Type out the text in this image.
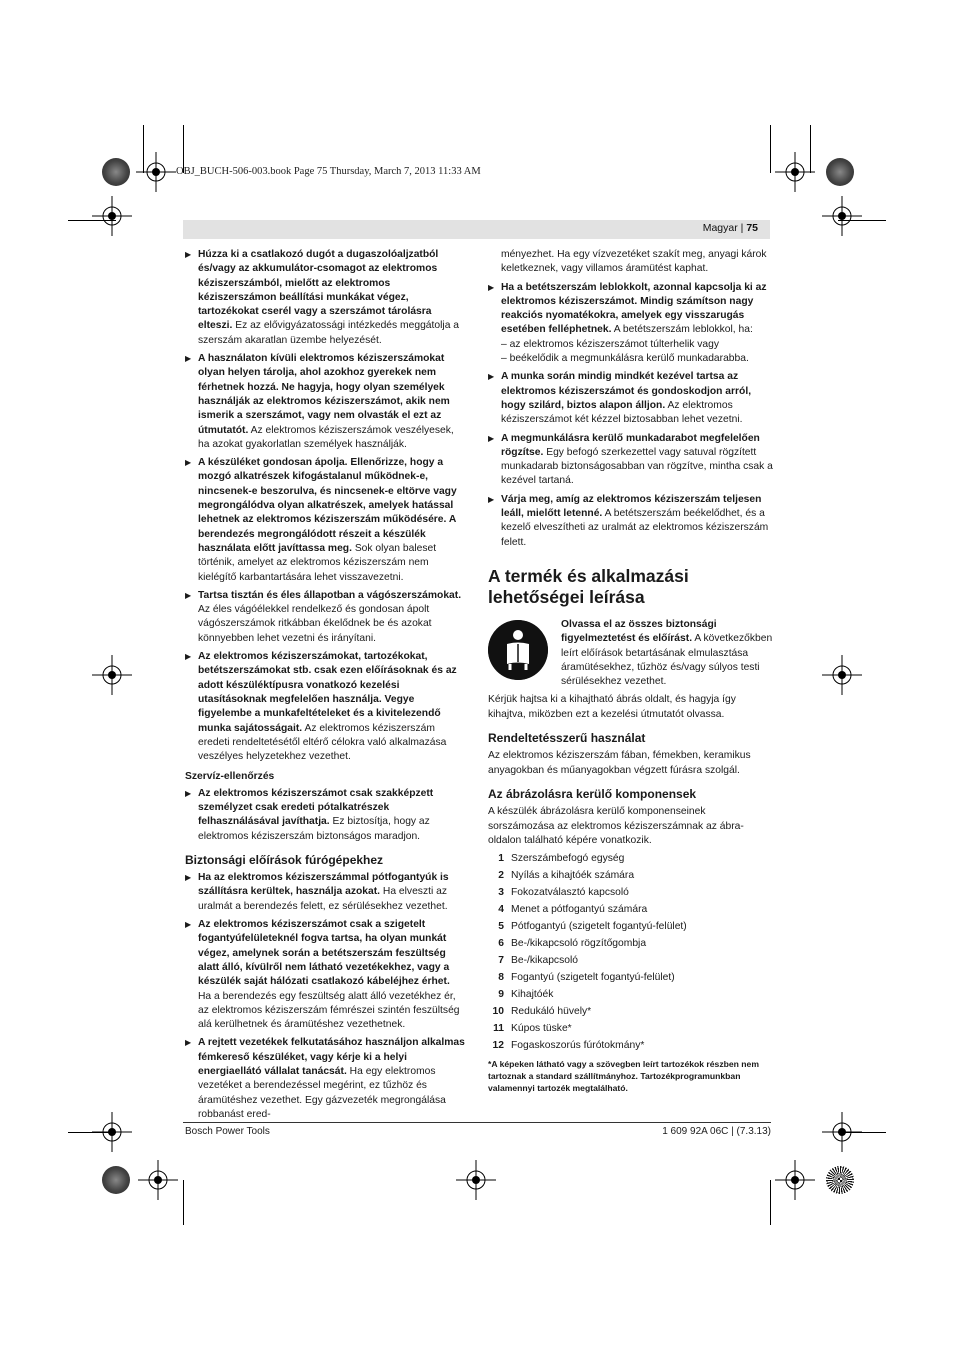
OBJ_BUCH-506-003.book Page 75 Thursday, March 7, 2013 11:33 AM
Magyar | 75
▶ Húzza ki a csatlakozó dugót a dugaszolóaljzatból és/vagy az akkumulátor-csomagot az elektromos kéziszerszámból, mielőtt az elektromos kéziszerszámon beállítási munkákat végez, tartozékokat cserél vagy a szerszámot tárolásra elteszi. Ez az elővigyázatossági intézkedés meggátolja a szerszám akaratlan üzembe helyezését.
▶ A használaton kívüli elektromos kéziszerszámokat olyan helyen tárolja, ahol azokhoz gyerekek nem férhetnek hozzá. Ne hagyja, hogy olyan személyek használják az elektromos kéziszerszámot, akik nem ismerik a szerszámot, vagy nem olvasták el ezt az útmutatót. Az elektromos kéziszerszámok veszélyesek, ha azokat gyakorlatlan személyek használják.
▶ A készüléket gondosan ápolja. Ellenőrizze, hogy a mozgó alkatrészek kifogástalanul működnek-e, nincsenek-e beszorulva, és nincsenek-e eltörve vagy megrongálódva olyan alkatrészek, amelyek hatással lehetnek az elektromos kéziszerszám működésére. A berendezés megrongálódott részeit a készülék használata előtt javíttassa meg. Sok olyan baleset történik, amelyet az elektromos kéziszerszám nem kielégítő karbantartására lehet visszavezetni.
▶ Tartsa tisztán és éles állapotban a vágószerszámokat. Az éles vágóélekkel rendelkező és gondosan ápolt vágószerszámok ritkábban ékelődnek be és azokat könnyebben lehet vezetni és irányítani.
▶ Az elektromos kéziszerszámokat, tartozékokat, betétszerszámokat stb. csak ezen előírásoknak és az adott készüléktípusra vonatkozó kezelési utasításoknak megfelelően használja. Vegye figyelembe a munkafeltételeket és a kivitelezendő munka sajátosságait. Az elektromos kéziszerszám eredeti rendeltetésétől eltérő célokra való alkalmazása veszélyes helyzetekhez vezethet.
Szervíz-ellenőrzés
▶ Az elektromos kéziszerszámot csak szakképzett személyzet csak eredeti pótalkatrészek felhasználásával javíthatja. Ez biztosítja, hogy az elektromos kéziszerszám biztonságos maradjon.
Biztonsági előírások fúrógépekhez
▶ Ha az elektromos kéziszerszámmal pótfogantyúk is szállításra kerültek, használja azokat. Ha elveszti az uralmát a berendezés felett, ez sérülésekhez vezethet.
▶ Az elektromos kéziszerszámot csak a szigetelt fogantyúfelületeknél fogva tartsa, ha olyan munkát végez, amelynek során a betétszerszám feszültség alatt álló, kívülről nem látható vezetékekhez, vagy a készülék saját hálózati csatlakozó kábeléjhez érhet. Ha a berendezés egy feszültség alatt álló vezetékhez ér, az elektromos kéziszerszám fémrészei szintén feszültség alá kerülhetnek és áramütéshez vezethetnek.
▶ A rejtett vezetékek felkutatásához használjon alkalmas fémkereső készüléket, vagy kérje ki a helyi energiaellátó vállalat tanácsát. Ha egy elektromos vezetéket a berendezéssel megérint, ez tűzhöz és áramütéshez vezethet. Egy gázvezeték megrongálása robbanást ered-
ményezhet. Ha egy vízvezetéket szakít meg, anyagi károk keletkeznek, vagy villamos áramütést kaphat.
▶ Ha a betétszerszám leblokkolt, azonnal kapcsolja ki az elektromos kéziszerszámot. Mindig számítson nagy reakciós nyomatékokra, amelyek egy visszarugás esetében felléphetnek. A betétszerszám leblokkol, ha:
– az elektromos kéziszerszámot túlterhelik vagy
– beékelődik a megmunkálásra kerülő munkadarabba.
▶ A munka során mindig mindkét kezével tartsa az elektromos kéziszerszámot és gondoskodjon arról, hogy szilárd, biztos alapon álljon. Az elektromos kéziszerszámot két kézzel biztosabban lehet vezetni.
▶ A megmunkálásra kerülő munkadarabot megfelelően rögzítse. Egy befogó szerkezettel vagy satuval rögzített munkadarab biztonságosabban van rögzítve, mintha csak a kezével tartaná.
▶ Várja meg, amíg az elektromos kéziszerszám teljesen leáll, mielőtt letenné. A betétszerszám beékelődhet, és a kezelő elveszítheti az uralmát az elektromos kéziszerszám felett.
A termék és alkalmazási lehetőségei leírása
Olvassa el az összes biztonsági figyelmeztetést és előírást. A következőkben leírt előírások betartásának elmulasztása áramütésekhez, tűzhöz és/vagy súlyos testi sérülésekhez vezethet.
Kérjük hajtsa ki a kihajtható ábrás oldalt, és hagyja így kihajtva, miközben ezt a kezelési útmutatót olvassa.
Rendeltetésszerű használat
Az elektromos kéziszerszám fában, fémekben, keramikus anyagokban és műanyagokban végzett fúrásra szolgál.
Az ábrázolásra kerülő komponensek
A készülék ábrázolásra kerülő komponenseinek sorszámozása az elektromos kéziszerszámnak az ábra-oldalon található képére vonatkozik.
1 Szerszámbefogó egység
2 Nyílás a kihajtóék számára
3 Fokozatválasztó kapcsoló
4 Menet a pótfogantyú számára
5 Pótfogantyú (szigetelt fogantyú-felület)
6 Be-/kikapcsoló rögzítőgombja
7 Be-/kikapcsoló
8 Fogantyú (szigetelt fogantyú-felület)
9 Kihajtóék
10 Redukáló hüvely*
11 Kúpos tüske*
12 Fogaskoszorús fúrótokmány*
*A képeken látható vagy a szövegben leírt tartozékok részben nem tartoznak a standard szállítmányhoz. Tartozékprogramunkban valamennyi tartozék megtalálható.
Bosch Power Tools	1 609 92A 06C | (7.3.13)
